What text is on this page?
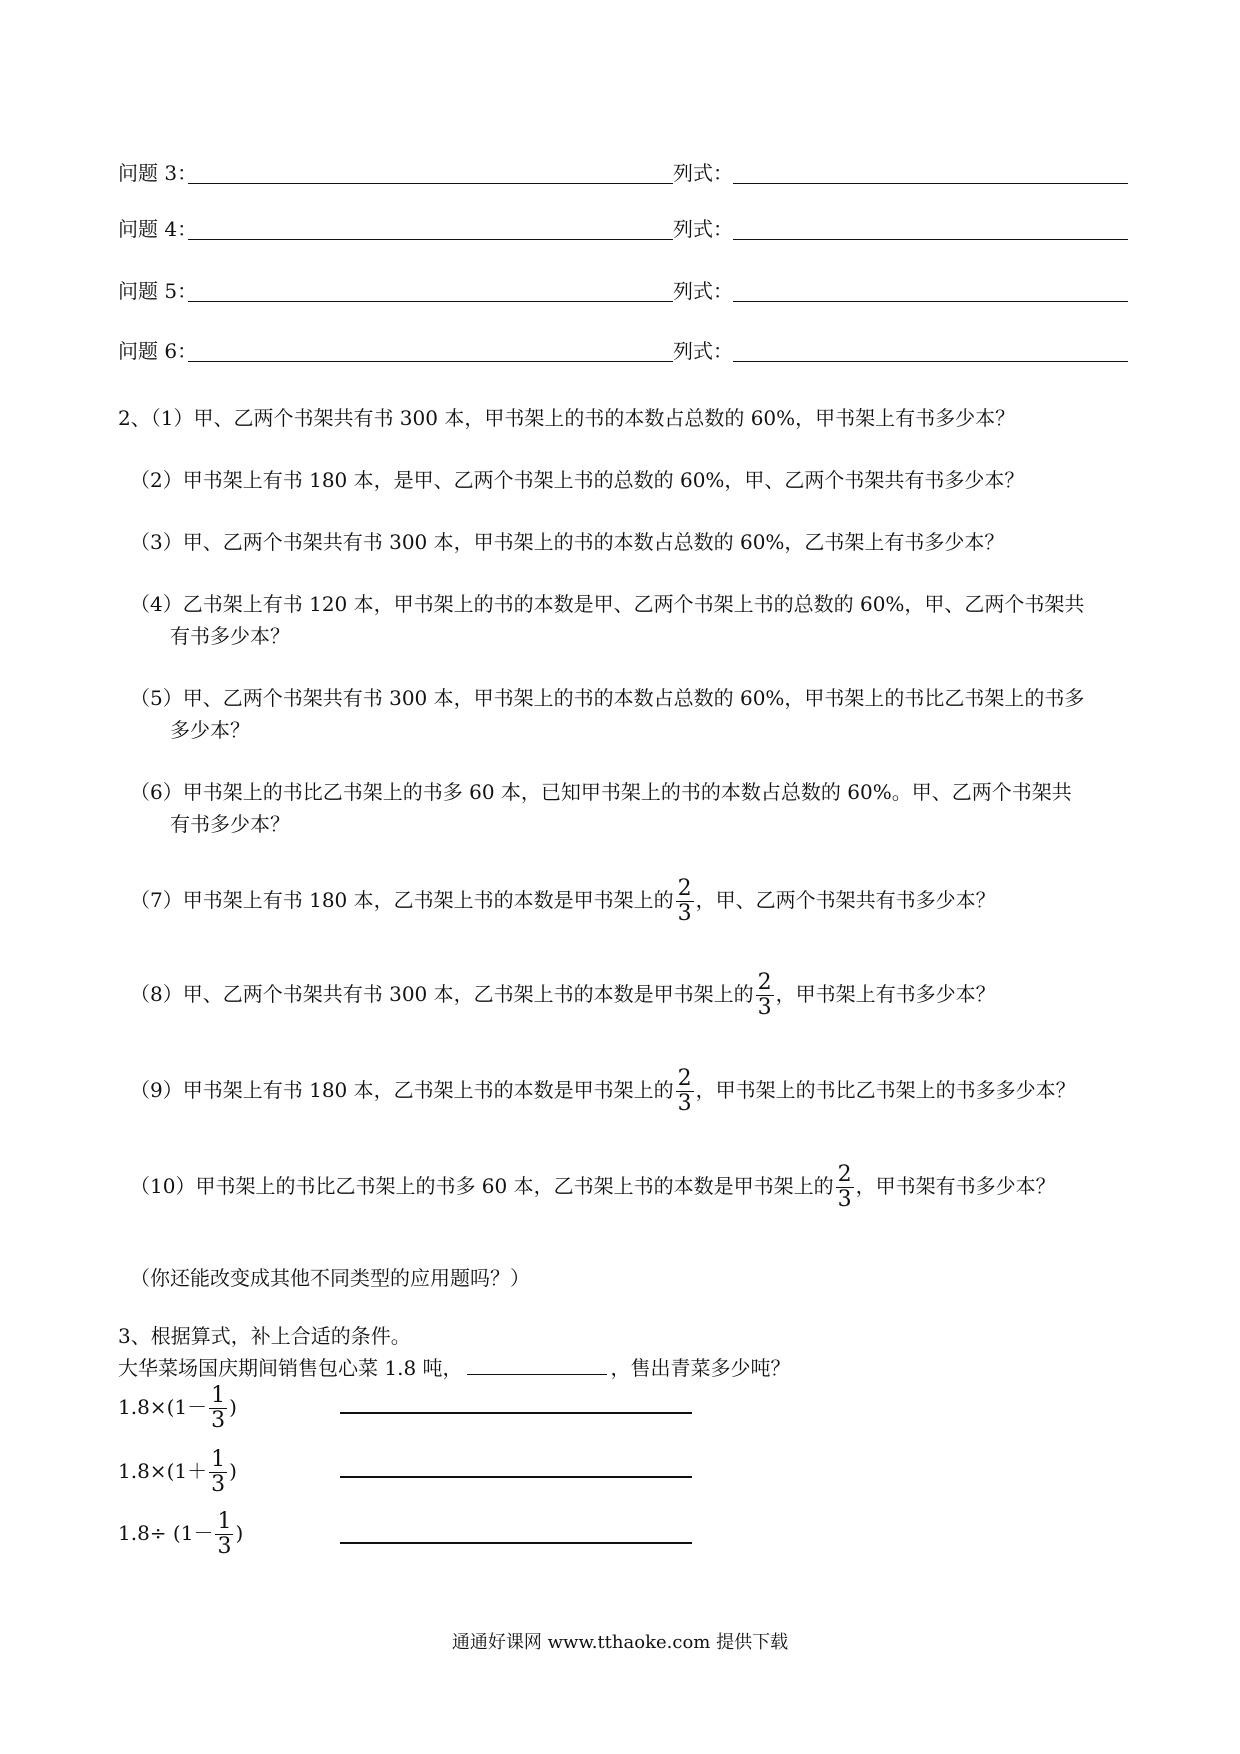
问题 3：	列式：
问题 4：	列式：
问题 5：	列式：
问题 6：	列式：
2、（1）甲、乙两个书架共有书 300 本，甲书架上的书的本数占总数的 60%，甲书架上有书多少本？
（2）甲书架上有书 180 本，是甲、乙两个书架上书的总数的 60%，甲、乙两个书架共有书多少本？
（3）甲、乙两个书架共有书 300 本，甲书架上的书的本数占总数的 60%，乙书架上有书多少本？
（4）乙书架上有书 120 本，甲书架上的书的本数是甲、乙两个书架上书的总数的 60%，甲、乙两个书架共
有书多少本？
（5）甲、乙两个书架共有书 300 本，甲书架上的书的本数占总数的 60%，甲书架上的书比乙书架上的书多
多少本？
（6）甲书架上的书比乙书架上的书多 60 本，已知甲书架上的书的本数占总数的 60%。甲、乙两个书架共
有书多少本？
（7）甲书架上有书 180 本，乙书架上书的本数是甲书架上的 $\frac{2}{3}$ ，甲、乙两个书架共有书多少本？
（8）甲、乙两个书架共有书 300 本，乙书架上书的本数是甲书架上的 $\frac{2}{3}$ ，甲书架上有书多少本？
（9）甲书架上有书 180 本，乙书架上书的本数是甲书架上的 $\frac{2}{3}$ ，甲书架上的书比乙书架上的书多多少本？
（10）甲书架上的书比乙书架上的书多 60 本，乙书架上书的本数是甲书架上的 $\frac{2}{3}$ ，甲书架有书多少本？
（你还能改变成其他不同类型的应用题吗？）
3、根据算式，补上合适的条件。
大华菜场国庆期间销售包心菜 1.8 吨，	，售出青菜多少吨？
$1.8\times(1- \frac{1}{3}$ )
$1.8\times(1+ \frac{1}{3}$ )
$1.8\div (1- \frac{1}{3}$ )
通通好课网 www.tthaoke.com 提供下载
